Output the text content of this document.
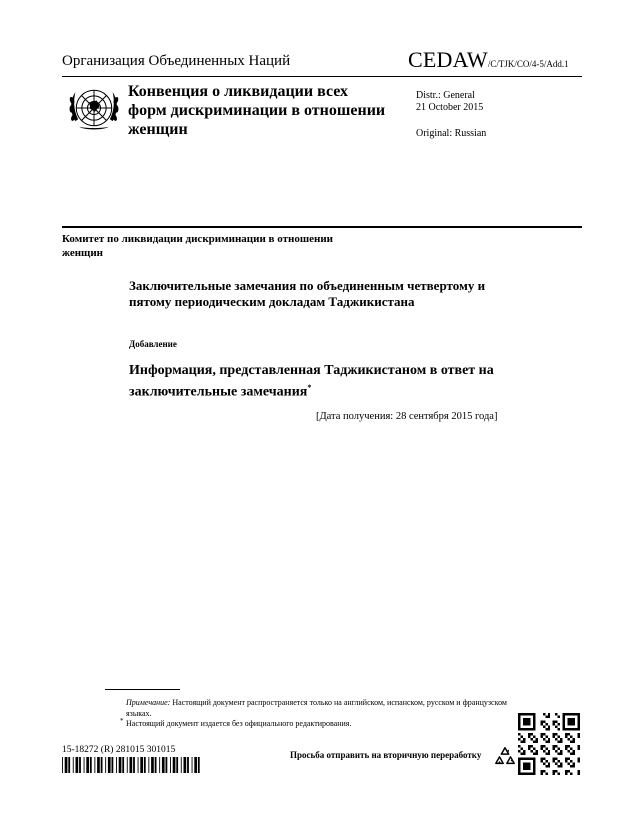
Организация Объединенных Наций	CEDAW/C/TJK/CO/4-5/Add.1
Конвенция о ликвидации всех форм дискриминации в отношении женщин
Distr.: General
21 October 2015
Original: Russian
Комитет по ликвидации дискриминации в отношении женщин
Заключительные замечания по объединенным четвертому и пятому периодическим докладам Таджикистана
Добавление
Информация, представленная Таджикистаном в ответ на заключительные замечания*
[Дата получения: 28 сентября 2015 года]
Примечание: Настоящий документ распространяется только на английском, испанском, русском и французском языках.
* Настоящий документ издается без официального редактирования.
15-18272 (R) 281015 301015	Просьба отправить на вторичную переработку
